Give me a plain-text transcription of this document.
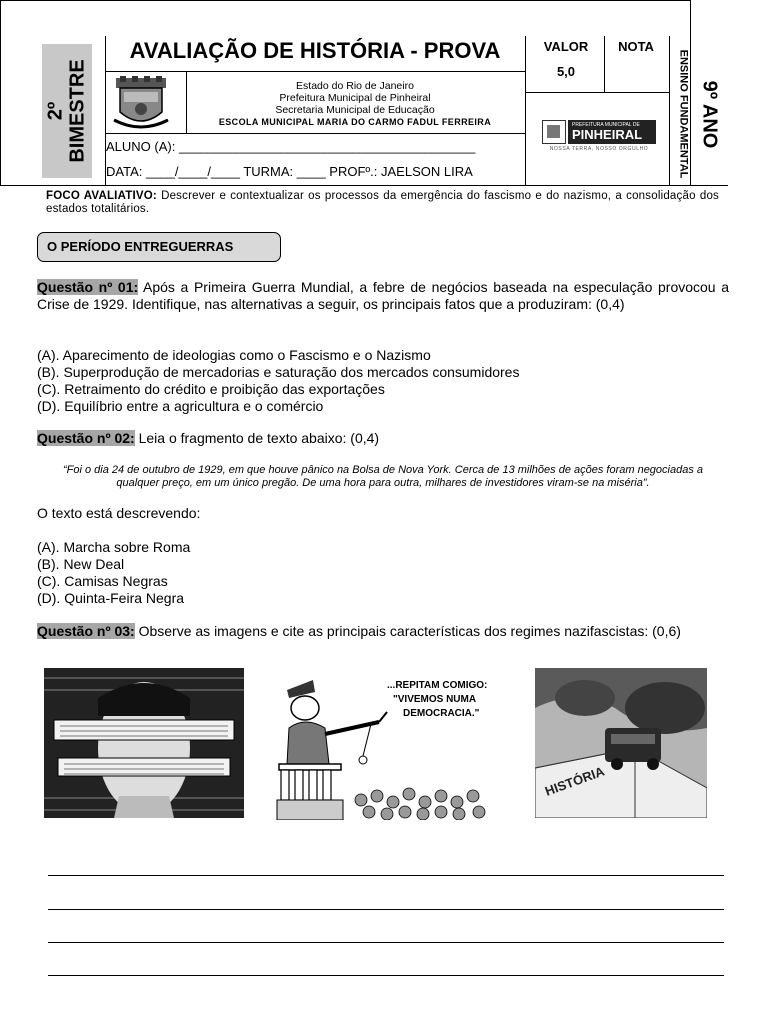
2º
BIMESTRE
AVALIAÇÃO DE HISTÓRIA - PROVA
Estado do Rio de Janeiro
Prefeitura Municipal de Pinheiral
Secretaria Municipal de Educação
ESCOLA MUNICIPAL MARIA DO CARMO FADUL FERREIRA
ALUNO (A): _________________________________________
DATA: ____/____/____ TURMA: ____ PROFº.: JAELSON LIRA
VALOR
5,0
NOTA
PREFEITURA MUNICIPAL DE
PINHEIRAL
NOSSA TERRA, NOSSO ORGULHO	ENSINO FUNDAMENTAL 9º ANO
FOCO AVALIATIVO: Descrever e contextualizar os processos da emergência do fascismo e do nazismo, a consolidação dos estados totalitários.
O PERÍODO ENTREGUERRAS
Questão nº 01: Após a Primeira Guerra Mundial, a febre de negócios baseada na especulação provocou a Crise de 1929. Identifique, nas alternativas a seguir, os principais fatos que a produziram: (0,4)
(A). Aparecimento de ideologias como o Fascismo e o Nazismo
(B). Superprodução de mercadorias e saturação dos mercados consumidores
(C). Retraimento do crédito e proibição das exportações
(D). Equilíbrio entre a agricultura e o comércio
Questão nº 02: Leia o fragmento de texto abaixo: (0,4)
“Foi o dia 24 de outubro de 1929, em que houve pânico na Bolsa de Nova York. Cerca de 13 milhões de ações foram negociadas a qualquer preço, em um único pregão. De uma hora para outra, milhares de investidores viram-se na miséria”.
O texto está descrevendo:
(A). Marcha sobre Roma
(B). New Deal
(C). Camisas Negras
(D). Quinta-Feira Negra
Questão nº 03: Observe as imagens e cite as principais características dos regimes nazifascistas: (0,6)
...REPITAM COMIGO:
"VIVEMOS NUMA
DEMOCRACIA."
HISTÓRIA
